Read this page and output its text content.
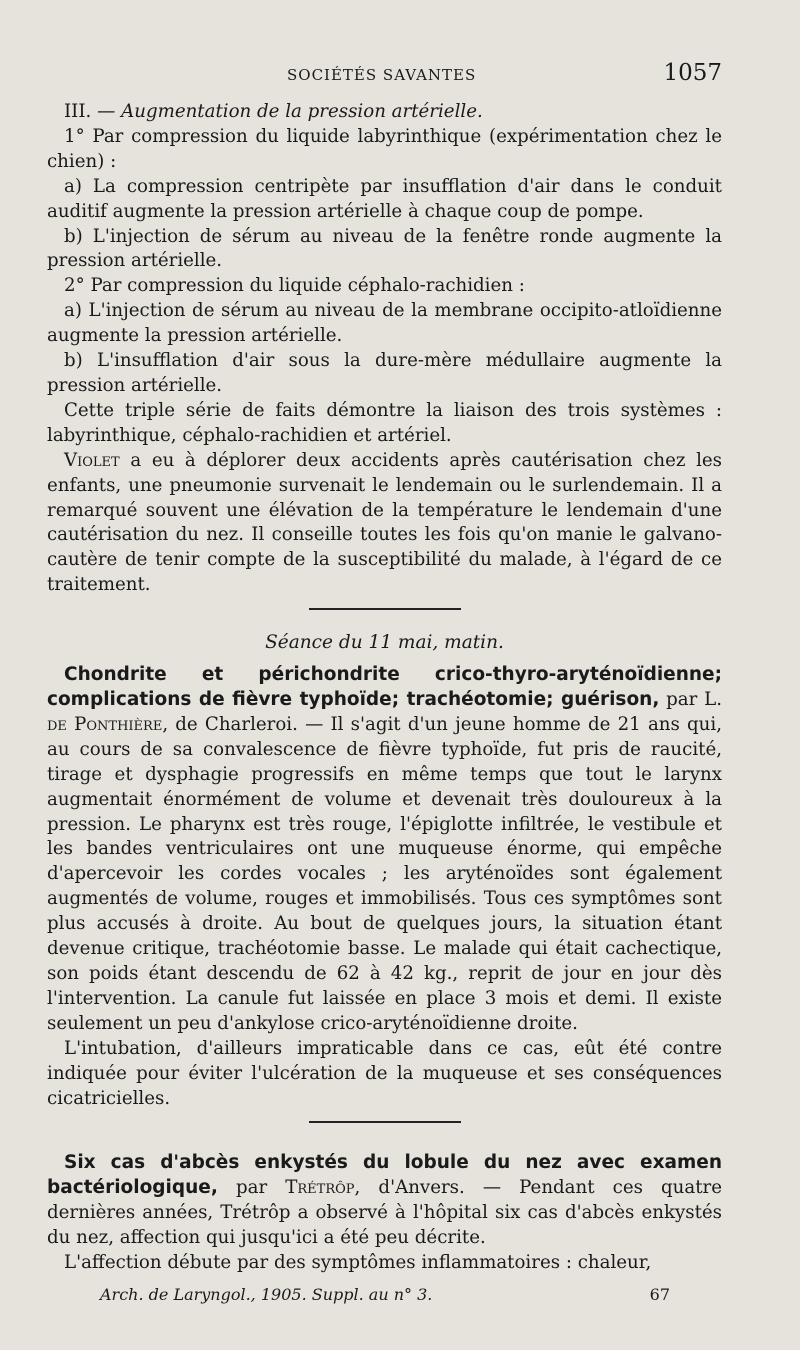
SOCIÉTÉS SAVANTES	1057

III. — Augmentation de la pression artérielle.

1° Par compression du liquide labyrinthique (expérimentation chez le chien) :

a) La compression centripète par insufflation d'air dans le conduit auditif augmente la pression artérielle à chaque coup de pompe.

b) L'injection de sérum au niveau de la fenêtre ronde augmente la pression artérielle.

2° Par compression du liquide céphalo-rachidien :

a) L'injection de sérum au niveau de la membrane occipito-atloïdienne augmente la pression artérielle.

b) L'insufflation d'air sous la dure-mère médullaire augmente la pression artérielle.

Cette triple série de faits démontre la liaison des trois systèmes : labyrinthique, céphalo-rachidien et artériel.

Violet a eu à déplorer deux accidents après cautérisation chez les enfants, une pneumonie survenait le lendemain ou le surlendemain. Il a remarqué souvent une élévation de la température le lendemain d'une cautérisation du nez. Il conseille toutes les fois qu'on manie le galvano-cautère de tenir compte de la susceptibilité du malade, à l'égard de ce traitement.

Séance du 11 mai, matin.

Chondrite et périchondrite crico-thyro-aryténoïdienne; complications de fièvre typhoïde; trachéotomie; guérison, par L. de Ponthière, de Charleroi. — Il s'agit d'un jeune homme de 21 ans qui, au cours de sa convalescence de fièvre typhoïde, fut pris de raucité, tirage et dysphagie progressifs en même temps que tout le larynx augmentait énormément de volume et devenait très douloureux à la pression. Le pharynx est très rouge, l'épiglotte infiltrée, le vestibule et les bandes ventriculaires ont une muqueuse énorme, qui empêche d'apercevoir les cordes vocales ; les aryténoïdes sont également augmentés de volume, rouges et immobilisés. Tous ces symptômes sont plus accusés à droite. Au bout de quelques jours, la situation étant devenue critique, trachéotomie basse. Le malade qui était cachectique, son poids étant descendu de 62 à 42 kg., reprit de jour en jour dès l'intervention. La canule fut laissée en place 3 mois et demi. Il existe seulement un peu d'ankylose crico-aryténoïdienne droite.

L'intubation, d'ailleurs impraticable dans ce cas, eût été contre indiquée pour éviter l'ulcération de la muqueuse et ses conséquences cicatricielles.

Six cas d'abcès enkystés du lobule du nez avec examen bactériologique, par Trétrôp, d'Anvers. — Pendant ces quatre dernières années, Trétrôp a observé à l'hôpital six cas d'abcès enkystés du nez, affection qui jusqu'ici a été peu décrite.

L'affection débute par des symptômes inflammatoires : chaleur,

Arch. de Laryngol., 1905. Suppl. au n° 3.	67
